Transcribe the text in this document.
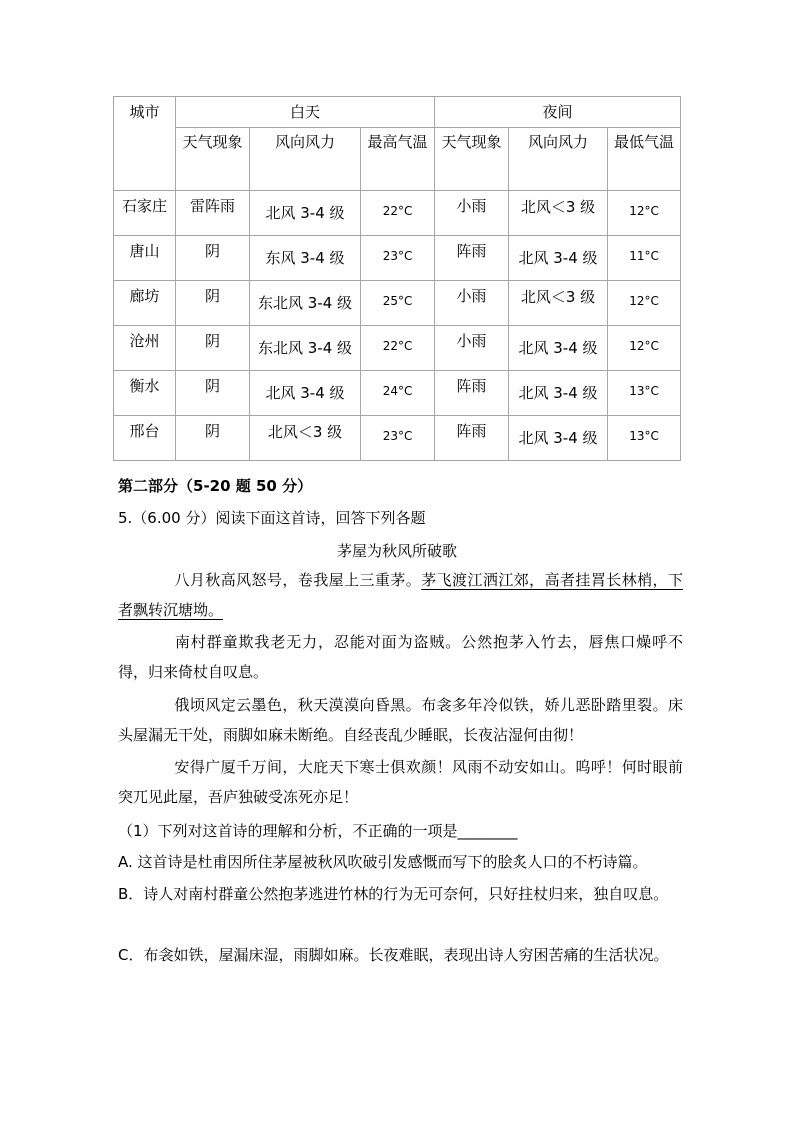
城市	白天			夜间		
	天气现象	风向风力	最高气温	天气现象	风向风力	最低气温
石家庄	雷阵雨	北风 3-4 级	22°C	小雨	北风＜3 级	12°C
唐山	阴	东风 3-4 级	23°C	阵雨	北风 3-4 级	11°C
廊坊	阴	东北风 3-4 级	25°C	小雨	北风＜3 级	12°C
沧州	阴	东北风 3-4 级	22°C	小雨	北风 3-4 级	12°C
衡水	阴	北风 3-4 级	24°C	阵雨	北风 3-4 级	13°C
邢台	阴	北风＜3 级	23°C	阵雨	北风 3-4 级	13°C
第二部分（5-20 题 50 分）
5.（6.00 分）阅读下面这首诗，回答下列各题
茅屋为秋风所破歌
八月秋高风怒号，卷我屋上三重茅。茅飞渡江洒江郊，高者挂罥长林梢，下者飘转沉塘坳。
南村群童欺我老无力，忍能对面为盗贼。公然抱茅入竹去，唇焦口燥呼不得，归来倚杖自叹息。
俄顷风定云墨色，秋天漠漠向昏黑。布衾多年冷似铁，娇儿恶卧踏里裂。床头屋漏无干处，雨脚如麻未断绝。自经丧乱少睡眠，长夜沾湿何由彻！
安得广厦千万间，大庇天下寒士俱欢颜！风雨不动安如山。呜呼！何时眼前突兀见此屋，吾庐独破受冻死亦足！
（1）下列对这首诗的理解和分析，不正确的一项是________
A. 这首诗是杜甫因所住茅屋被秋风吹破引发感慨而写下的脍炙人口的不朽诗篇。
B．诗人对南村群童公然抱茅逃进竹林的行为无可奈何，只好拄杖归来，独自叹息。
C．布衾如铁，屋漏床湿，雨脚如麻。长夜难眠，表现出诗人穷困苦痛的生活状况。
